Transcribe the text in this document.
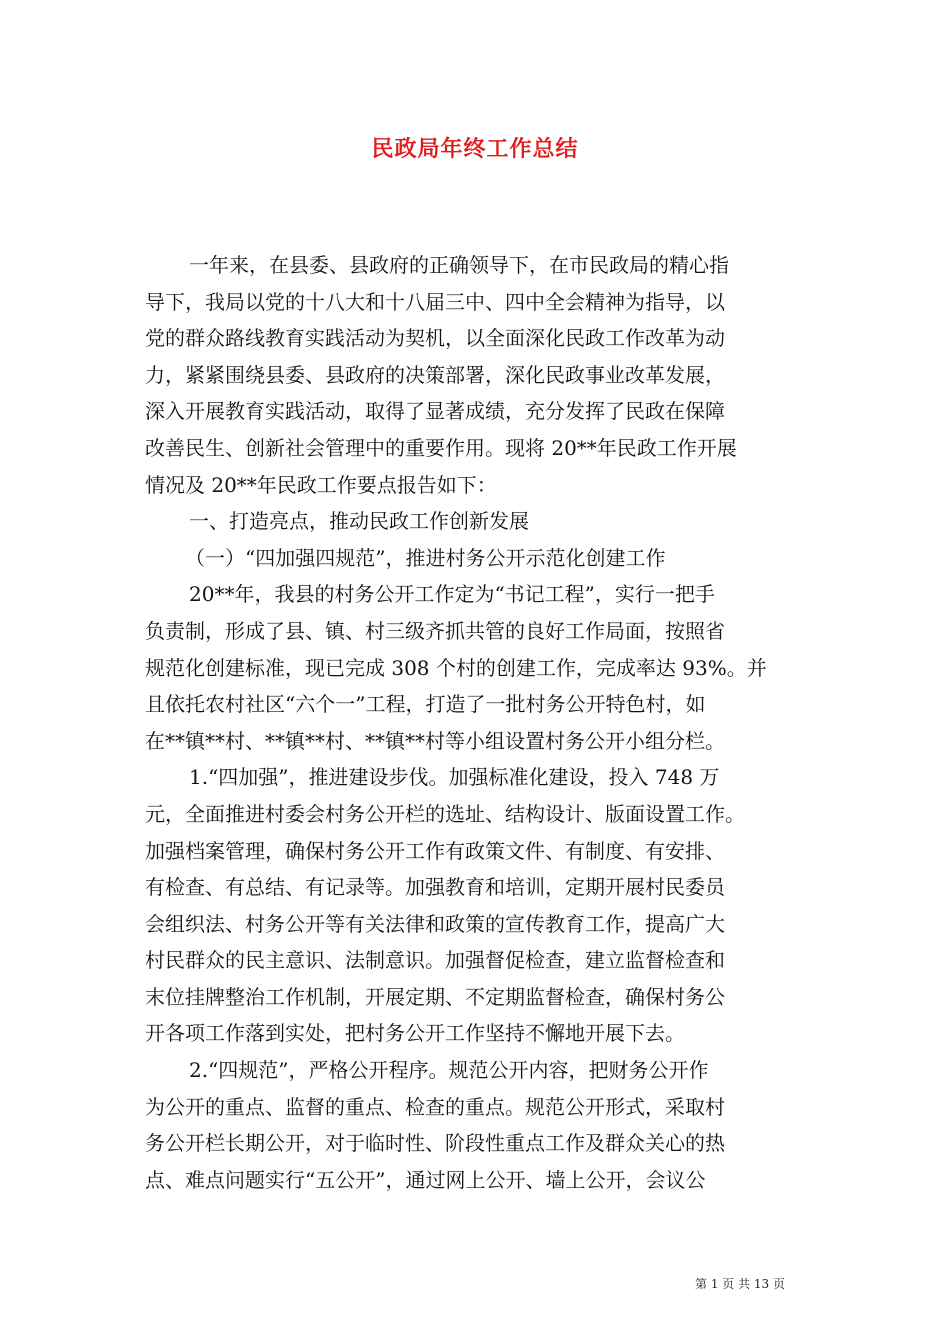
民政局年终工作总结
一年来，在县委、县政府的正确领导下，在市民政局的精心指
导下，我局以党的十八大和十八届三中、四中全会精神为指导，以
党的群众路线教育实践活动为契机，以全面深化民政工作改革为动
力，紧紧围绕县委、县政府的决策部署，深化民政事业改革发展，
深入开展教育实践活动，取得了显著成绩，充分发挥了民政在保障
改善民生、创新社会管理中的重要作用。现将 20**年民政工作开展
情况及 20**年民政工作要点报告如下：
一、打造亮点，推动民政工作创新发展
（一）“四加强四规范”，推进村务公开示范化创建工作
20**年，我县的村务公开工作定为“书记工程”，实行一把手
负责制，形成了县、镇、村三级齐抓共管的良好工作局面，按照省
规范化创建标准，现已完成 308 个村的创建工作，完成率达 93%。并
且依托农村社区“六个一”工程，打造了一批村务公开特色村，如
在**镇**村、**镇**村、**镇**村等小组设置村务公开小组分栏。
1.“四加强”，推进建设步伐。加强标准化建设，投入 748 万
元，全面推进村委会村务公开栏的选址、结构设计、版面设置工作。
加强档案管理，确保村务公开工作有政策文件、有制度、有安排、
有检查、有总结、有记录等。加强教育和培训，定期开展村民委员
会组织法、村务公开等有关法律和政策的宣传教育工作，提高广大
村民群众的民主意识、法制意识。加强督促检查，建立监督检查和
末位挂牌整治工作机制，开展定期、不定期监督检查，确保村务公
开各项工作落到实处，把村务公开工作坚持不懈地开展下去。
2.“四规范”，严格公开程序。规范公开内容，把财务公开作
为公开的重点、监督的重点、检查的重点。规范公开形式，采取村
务公开栏长期公开，对于临时性、阶段性重点工作及群众关心的热
点、难点问题实行“五公开”，通过网上公开、墙上公开，会议公
第 1 页 共 13 页
